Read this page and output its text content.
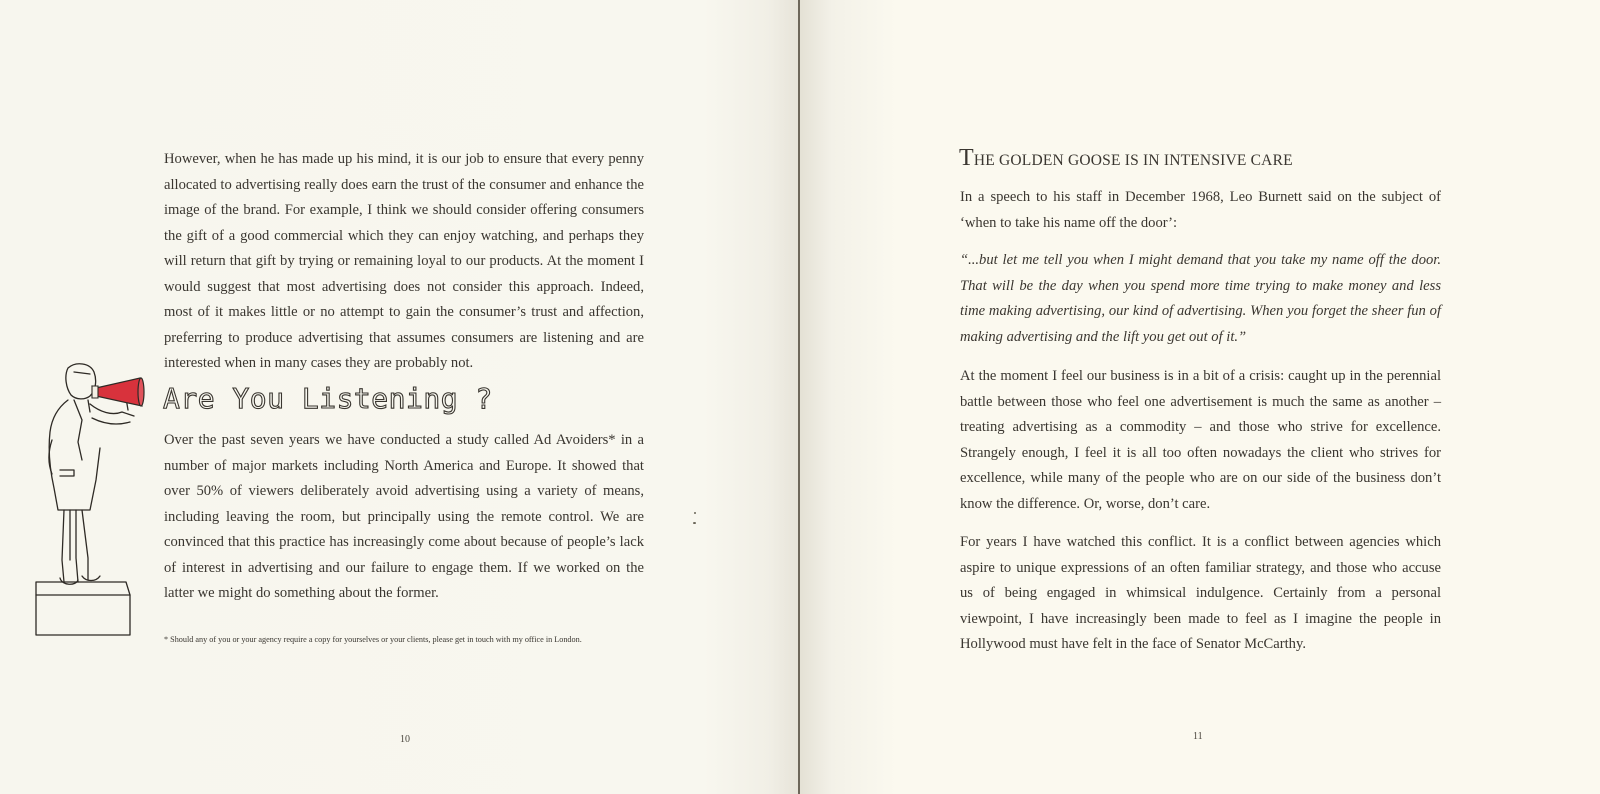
However, when he has made up his mind, it is our job to ensure that every penny allocated to advertising really does earn the trust of the consumer and enhance the image of the brand. For example, I think we should consider offering consumers the gift of a good commercial which they can enjoy watching, and perhaps they will return that gift by trying or remaining loyal to our products. At the moment I would suggest that most advertising does not consider this approach. Indeed, most of it makes little or no attempt to gain the consumer’s trust and affection, preferring to produce advertising that assumes consumers are listening and are interested when in many cases they are probably not.

Are You Listening ?

Over the past seven years we have conducted a study called Ad Avoiders* in a number of major markets including North America and Europe. It showed that over 50% of viewers deliberately avoid advertising using a variety of means, including leaving the room, but principally using the remote control. We are convinced that this practice has increasingly come about because of people’s lack of interest in advertising and our failure to engage them. If we worked on the latter we might do something about the former.

* Should any of you or your agency require a copy for yourselves or your clients, please get in touch with my office in London.

10
THE GOLDEN GOOSE IS IN INTENSIVE CARE

In a speech to his staff in December 1968, Leo Burnett said on the subject of ‘when to take his name off the door’:

“...but let me tell you when I might demand that you take my name off the door. That will be the day when you spend more time trying to make money and less time making advertising, our kind of advertising. When you forget the sheer fun of making advertising and the lift you get out of it.”

At the moment I feel our business is in a bit of a crisis: caught up in the perennial battle between those who feel one advertisement is much the same as another – treating advertising as a commodity – and those who strive for excellence. Strangely enough, I feel it is all too often nowadays the client who strives for excellence, while many of the people who are on our side of the business don’t know the difference. Or, worse, don’t care.

For years I have watched this conflict. It is a conflict between agencies which aspire to unique expressions of an often familiar strategy, and those who accuse us of being engaged in whimsical indulgence. Certainly from a personal viewpoint, I have increasingly been made to feel as I imagine the people in Hollywood must have felt in the face of Senator McCarthy.

11
